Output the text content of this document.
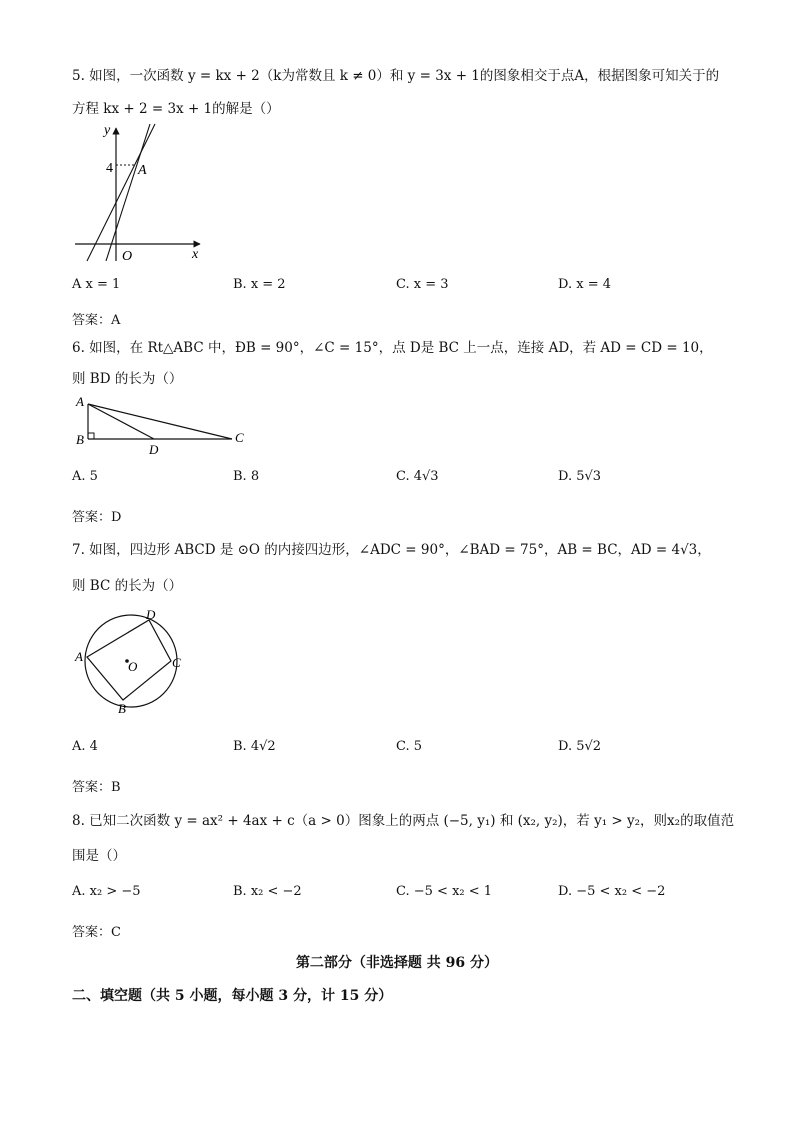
5. 如图，一次函数 y = kx + 2（k为常数且 k ≠ 0）和 y = 3x + 1的图象相交于点A，根据图象可知关于的
方程 kx + 2 = 3x + 1的解是（）
y
4 A
O	x
A x = 1	B. x = 2	C. x = 3	D. x = 4
答案：A
6. 如图，在 Rt△ABC 中，ÐB = 90°，∠C = 15°，点 D是 BC 上一点，连接 AD，若 AD = CD = 10，
则 BD 的长为（）
A
B	C
D
A. 5	B. 8	C. 4√3	D. 5√3
答案：D
7. 如图，四边形 ABCD 是 ⊙O 的内接四边形，∠ADC = 90°，∠BAD = 75°，AB = BC，AD = 4√3，
则 BC 的长为（）
A
B
C
D
O
A. 4	B. 4√2	C. 5	D. 5√2
答案：B
8. 已知二次函数 y = ax² + 4ax + c（a > 0）图象上的两点 (−5, y₁) 和 (x₂, y₂)，若 y₁ > y₂，则x₂的取值范
围是（）
A. x₂ > −5	B. x₂ < −2	C. −5 < x₂ < 1	D. −5 < x₂ < −2
答案：C
第二部分（非选择题 共 96 分）
二、填空题（共 5 小题，每小题 3 分，计 15 分）
